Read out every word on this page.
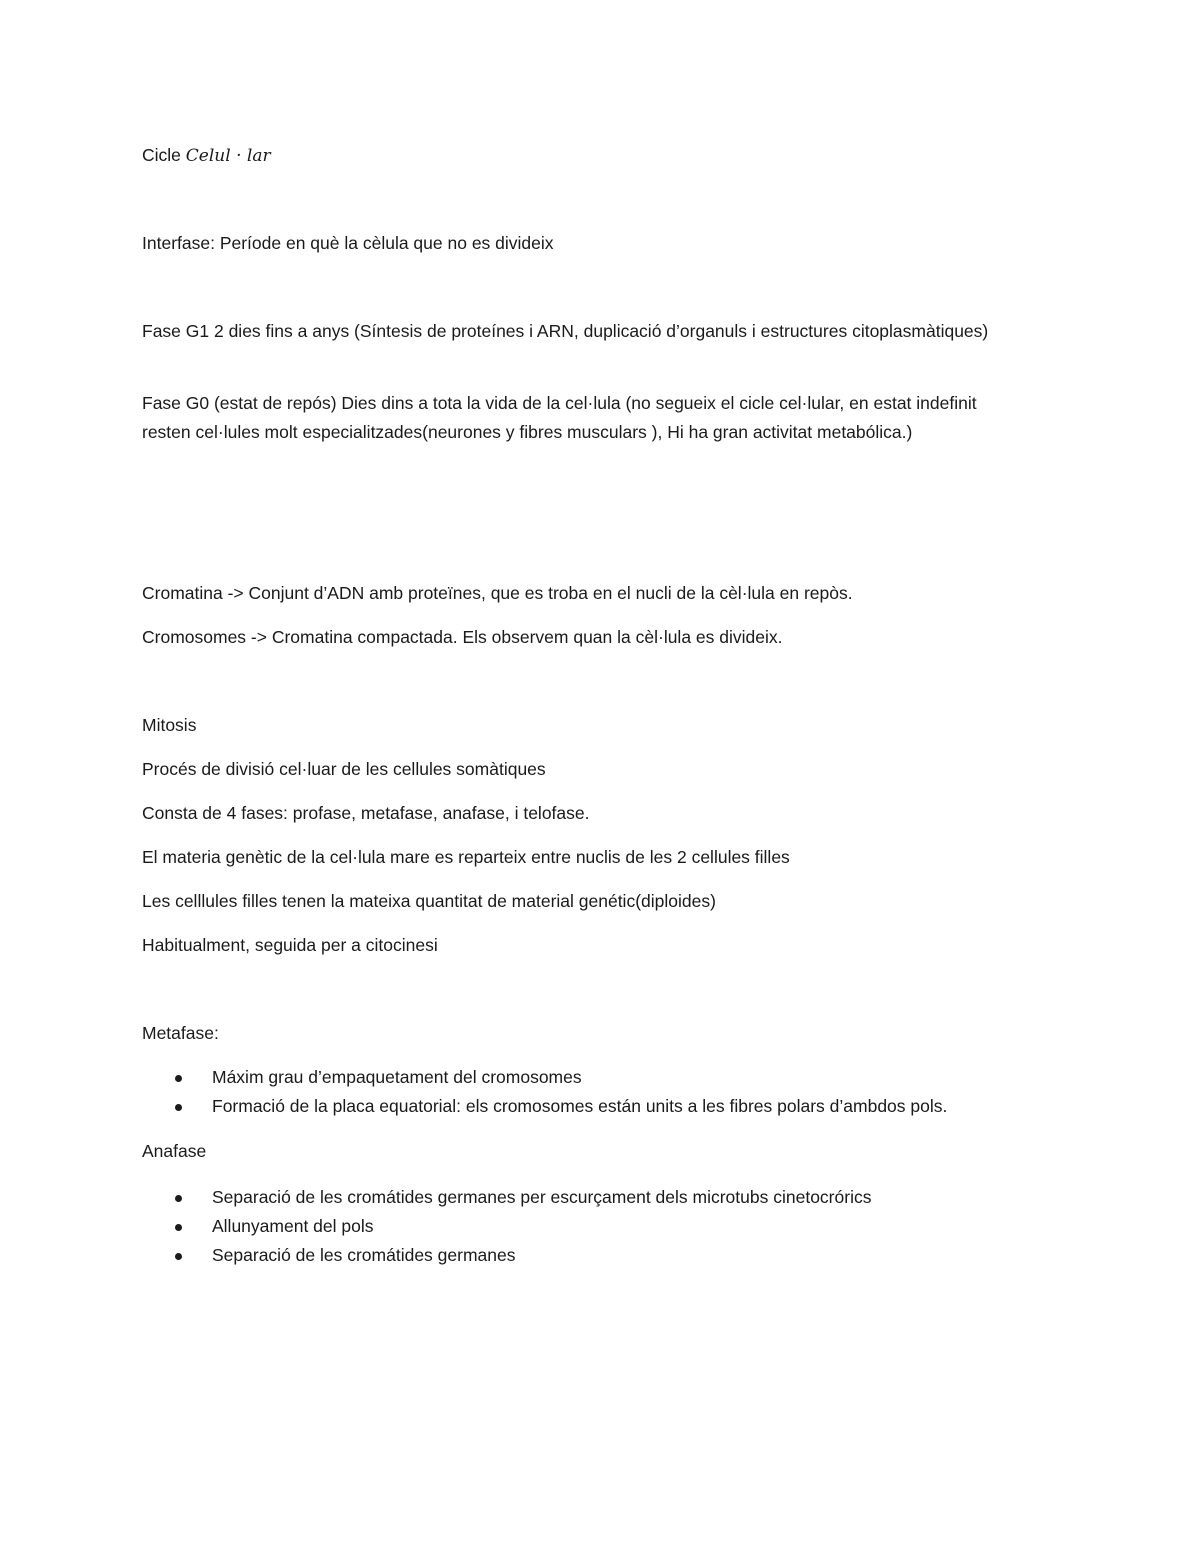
Cicle Celul · lar

Interfase: Període en què la cèlula que no es divideix

Fase G1 2 dies fins a anys (Síntesis de proteínes i ARN, duplicació d’organuls i estructures citoplasmàtiques)

Fase G0 (estat de repós) Dies dins a tota la vida de la cel·lula (no segueix el cicle cel·lular, en estat indefinit resten cel·lules molt especialitzades(neurones y fibres musculars ), Hi ha gran activitat metabólica.)

Cromatina -> Conjunt d’ADN amb proteïnes, que es troba en el nucli de la cèl·lula en repòs.

Cromosomes -> Cromatina compactada. Els observem quan la cèl·lula es divideix.

Mitosis

Procés de divisió cel·luar de les cellules somàtiques

Consta de 4 fases: profase, metafase, anafase, i telofase.

El materia genètic de la cel·lula mare es reparteix entre nuclis de les 2 cellules filles

Les celllules filles tenen la mateixa quantitat de material genétic(diploides)

Habitualment, seguida per a citocinesi

Metafase:

Máxim grau d’empaquetament del cromosomes
Formació de la placa equatorial: els cromosomes están units a les fibres polars d’ambdos pols.

Anafase

Separació de les cromátides germanes per escurçament dels microtubs cinetocrórics
Allunyament del pols
Separació de les cromátides germanes
